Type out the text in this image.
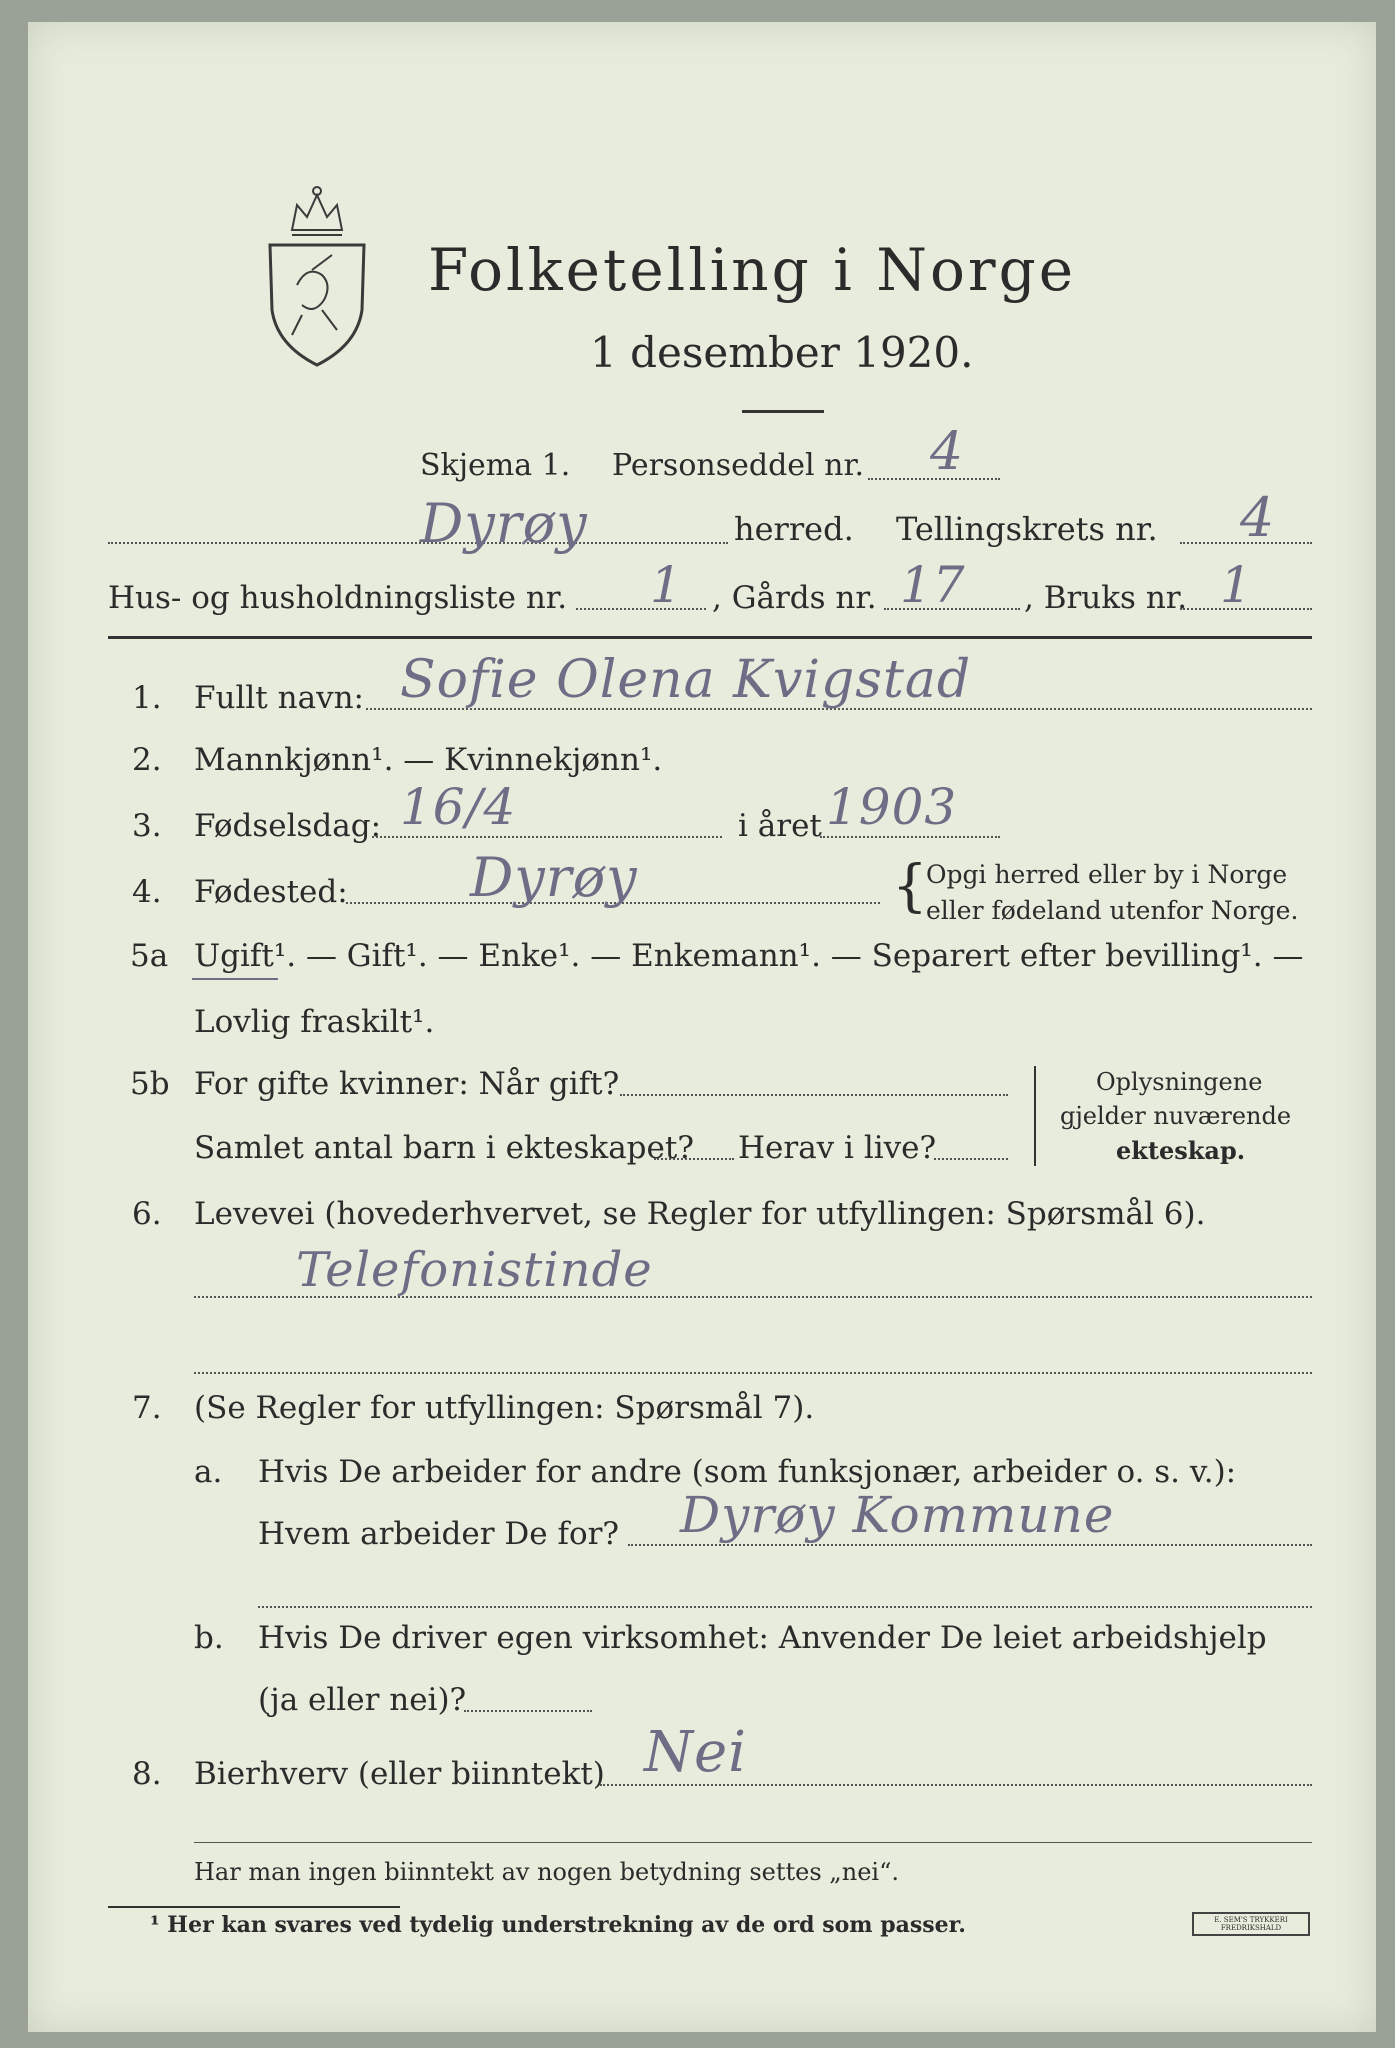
Folketelling i Norge
1 desember 1920.
Skjema 1. Personseddel nr. 4
Dyrøy	herred. Tellingskrets nr. 4
Hus- og husholdningsliste nr. 1 , Gårds nr. 17 , Bruks nr. 1
1. Fullt navn: Sofie Olena Kvigstad
2. Mannkjønn¹. — Kvinnekjønn¹.
3. Fødselsdag: 16/4	i året 1903
4. Fødested: Dyrøy	{
Opgi herred eller by i Norge
eller fødeland utenfor Norge.
5a Ugift¹. — Gift¹. — Enke¹. — Enkemann¹. — Separert efter bevilling¹. —
Lovlig fraskilt¹.
5b For gifte kvinner: Når gift?
Samlet antal barn i ekteskapet? Herav i live?
Oplysningene
gjelder nuværende
ekteskap.
6. Levevei (hovederhvervet, se Regler for utfyllingen: Spørsmål 6).
Telefonistinde
7. (Se Regler for utfyllingen: Spørsmål 7).
a. Hvis De arbeider for andre (som funksjonær, arbeider o. s. v.):
Hvem arbeider De for? Dyrøy Kommune
b. Hvis De driver egen virksomhet: Anvender De leiet arbeidshjelp
(ja eller nei)?
8. Bierhverv (eller biinntekt) Nei
Har man ingen biinntekt av nogen betydning settes „nei“.
¹ Her kan svares ved tydelig understrekning av de ord som passer.	E. SEM'S TRYKKERI FREDRIKSHALD
